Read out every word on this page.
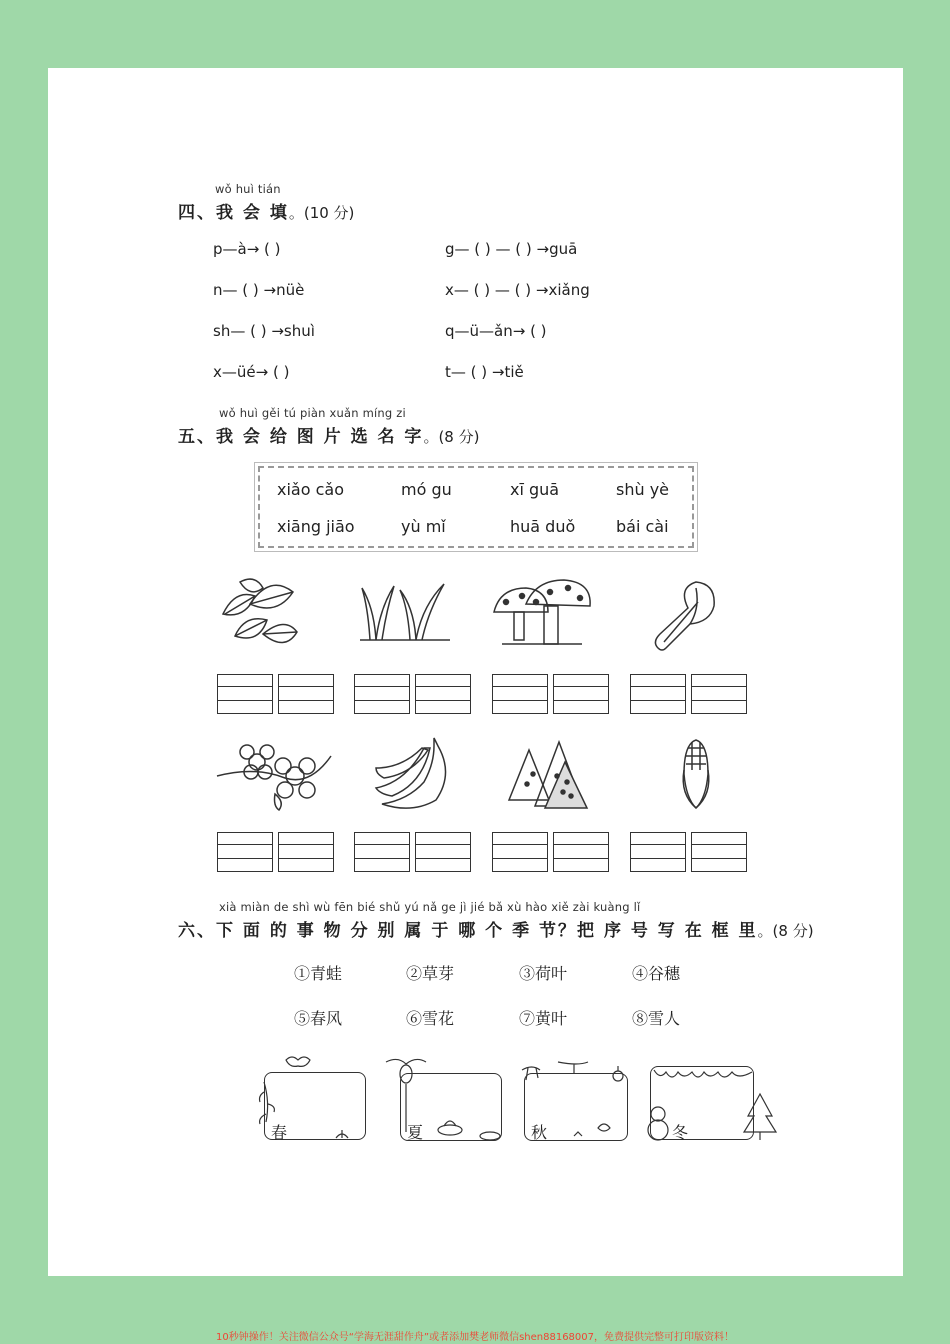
wǒ huì tián
四、我 会 填。(10 分)
p—à→ ( )	g— ( ) — ( ) →guā
n— ( ) →nüè	x— ( ) — ( ) →xiǎng
sh— ( ) →shuì	q—ü—ǎn→ ( )
x—üé→ ( )	t— ( ) →tiě
wǒ huì gěi tú piàn xuǎn míng zi
五、我 会 给 图 片 选 名 字。(8 分)
xiǎo cǎo	mó gu	xī guā	shù yè
xiāng jiāo	yù mǐ	huā duǒ	bái cài
xià miàn de shì wù fēn bié shǔ yú nǎ ge jì jié bǎ xù hào xiě zài kuàng lǐ
六、下 面 的 事 物 分 别 属 于 哪 个 季 节？把 序 号 写 在 框 里。(8 分)
①青蛙	②草芽	③荷叶	④谷穗
⑤春风	⑥雪花	⑦黄叶	⑧雪人
春	夏	秋	冬
10秒钟操作！关注微信公众号“学海无涯甜作舟”或者添加樊老师微信shen88168007，免费提供完整可打印版资料！
